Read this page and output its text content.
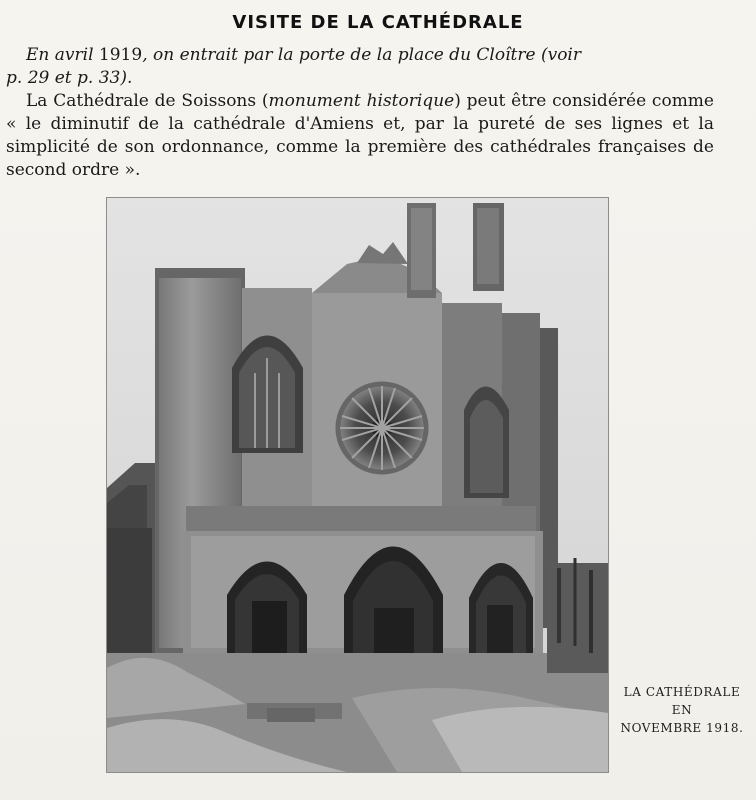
VISITE DE LA CATHÉDRALE

En avril 1919, on entrait par la porte de la place du Cloître (voir
p. 29 et p. 33).

La Cathédrale de Soissons (monument historique) peut être considérée comme « le diminutif de la cathédrale d'Amiens et, par la pureté de ses lignes et la simplicité de son ordonnance, comme la première des cathédrales françaises de second ordre ».

LA CATHÉDRALE
EN
NOVEMBRE 1918.
